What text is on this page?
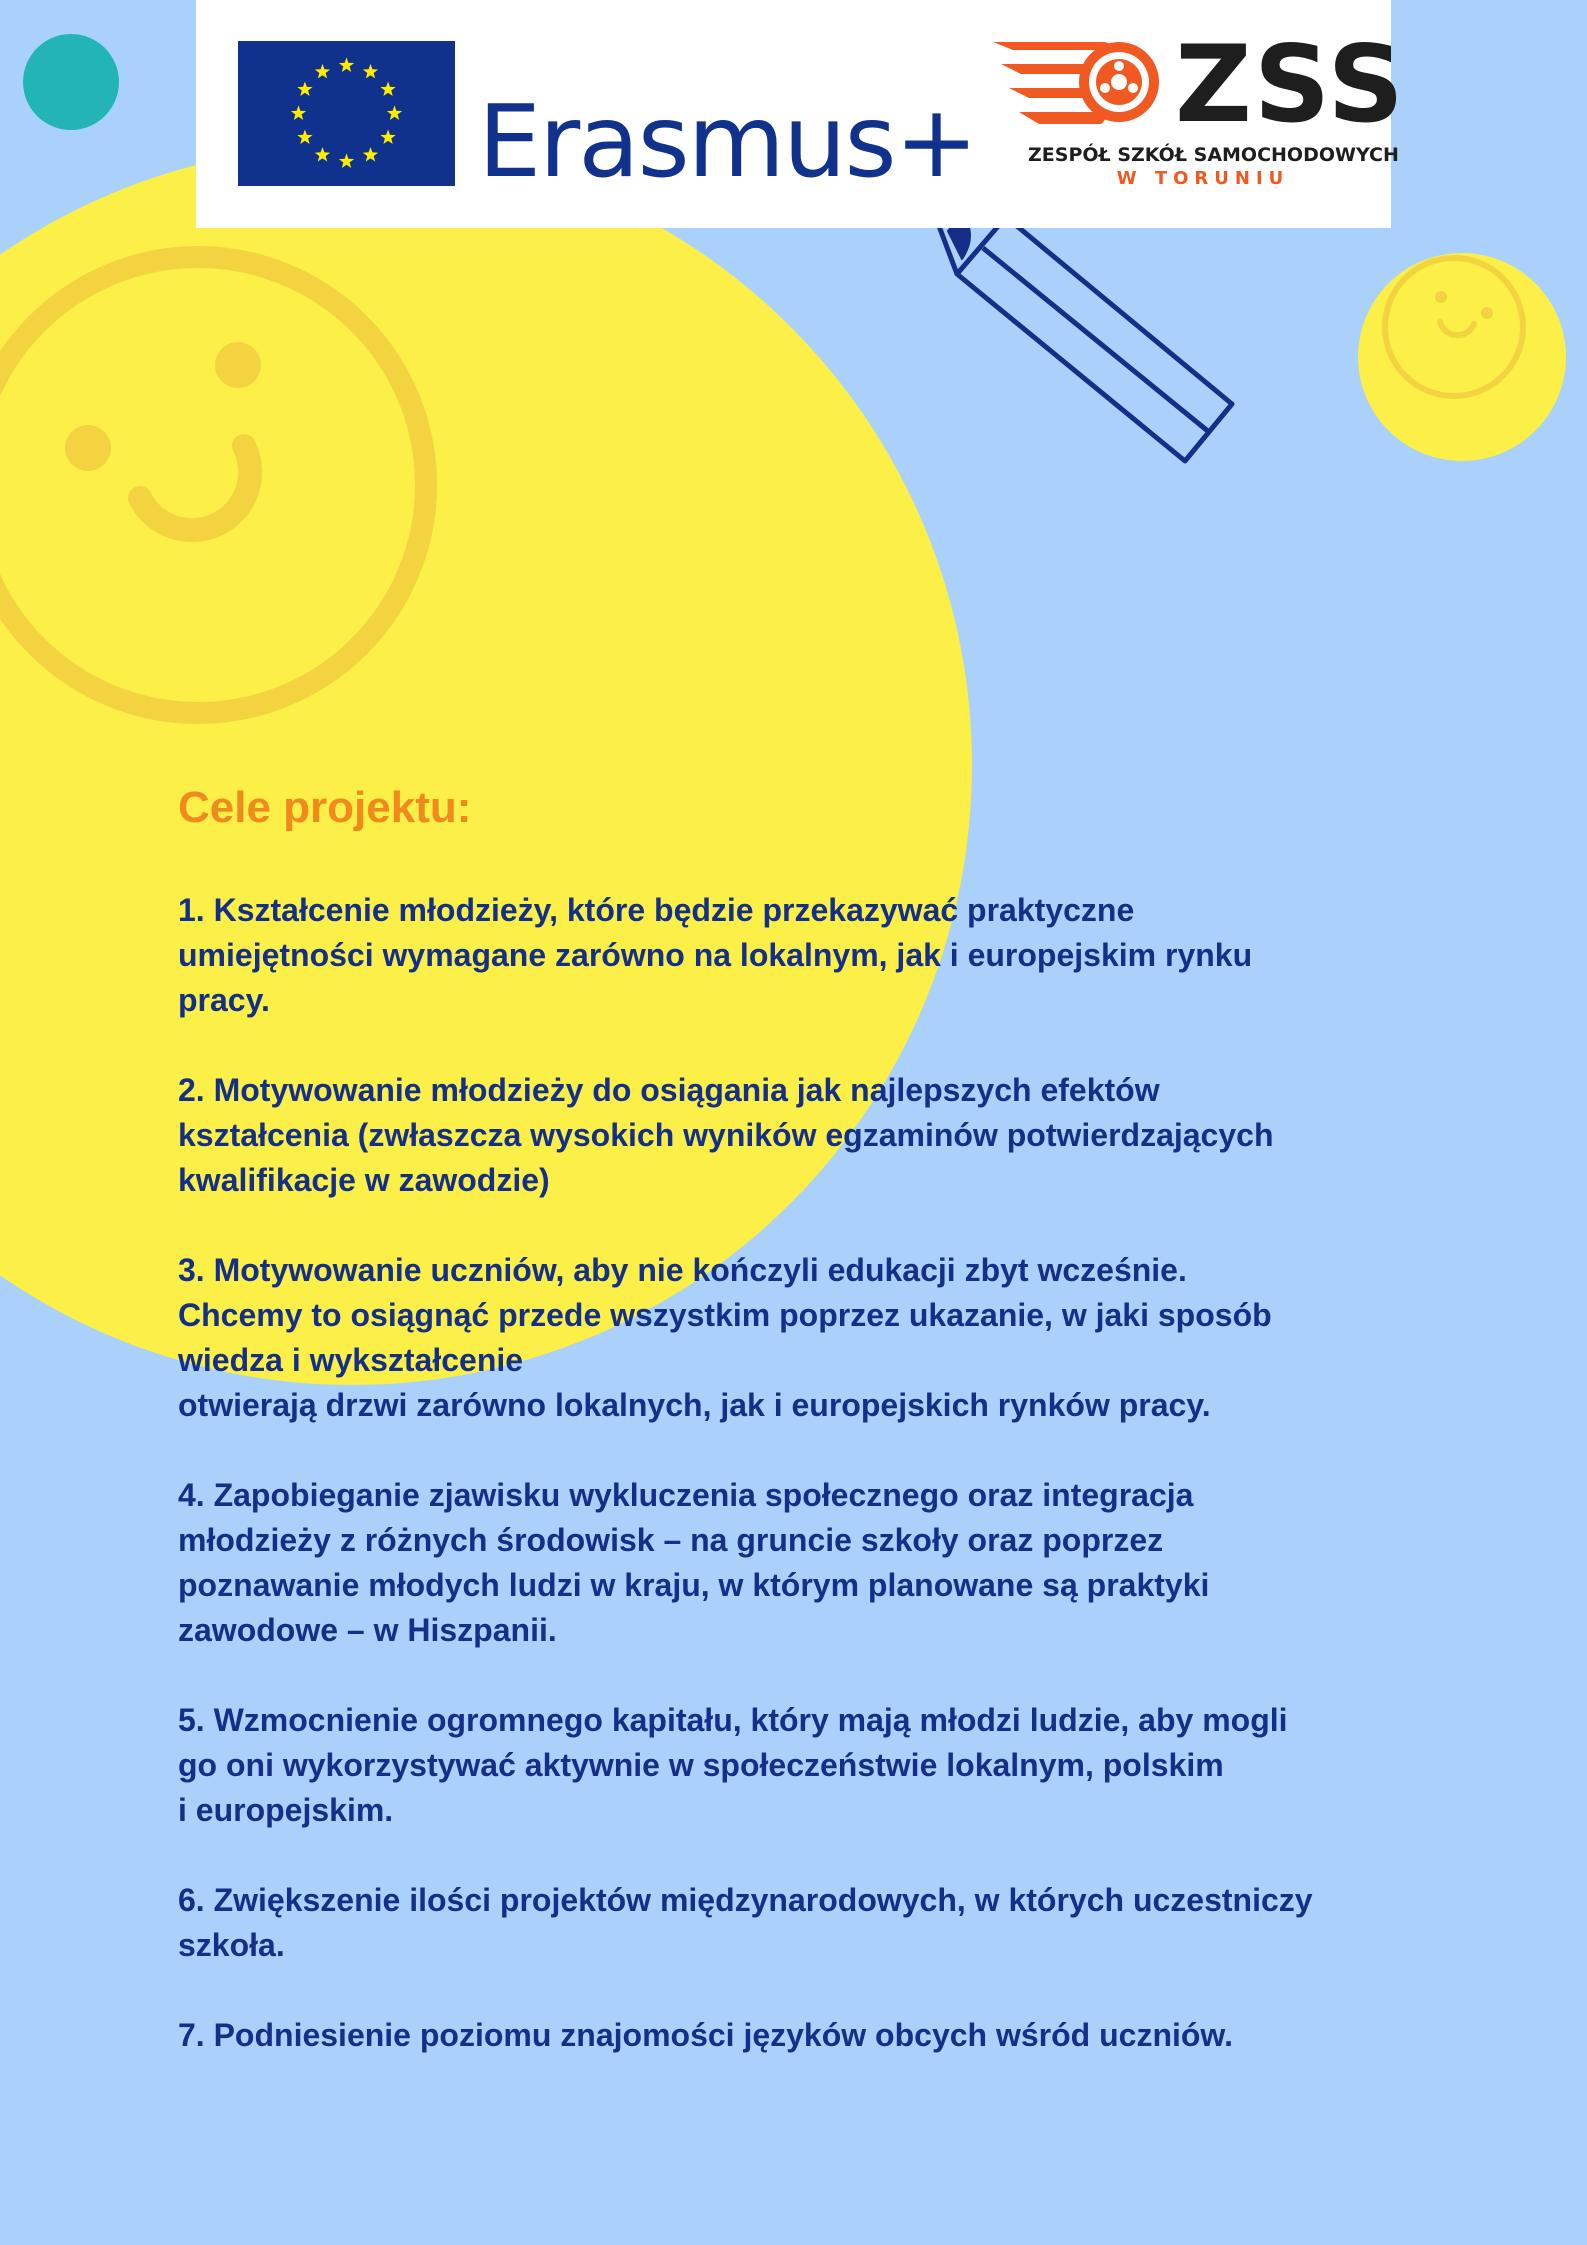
Erasmus+ ZSS
ZESPÓŁ SZKÓŁ SAMOCHODOWYCH
W TORUNIU
Cele projektu:
1. Kształcenie młodzieży, które będzie przekazywać praktyczne
umiejętności wymagane zarówno na lokalnym, jak i europejskim rynku
pracy.
2. Motywowanie młodzieży do osiągania jak najlepszych efektów
kształcenia (zwłaszcza wysokich wyników egzaminów potwierdzających
kwalifikacje w zawodzie)
3. Motywowanie uczniów, aby nie kończyli edukacji zbyt wcześnie.
Chcemy to osiągnąć przede wszystkim poprzez ukazanie, w jaki sposób
wiedza i wykształcenie
otwierają drzwi zarówno lokalnych, jak i europejskich rynków pracy.
4. Zapobieganie zjawisku wykluczenia społecznego oraz integracja
młodzieży z różnych środowisk – na gruncie szkoły oraz poprzez
poznawanie młodych ludzi w kraju, w którym planowane są praktyki
zawodowe – w Hiszpanii.
5. Wzmocnienie ogromnego kapitału, który mają młodzi ludzie, aby mogli
go oni wykorzystywać aktywnie w społeczeństwie lokalnym, polskim
i europejskim.
6. Zwiększenie ilości projektów międzynarodowych, w których uczestniczy
szkoła.
7. Podniesienie poziomu znajomości języków obcych wśród uczniów.
